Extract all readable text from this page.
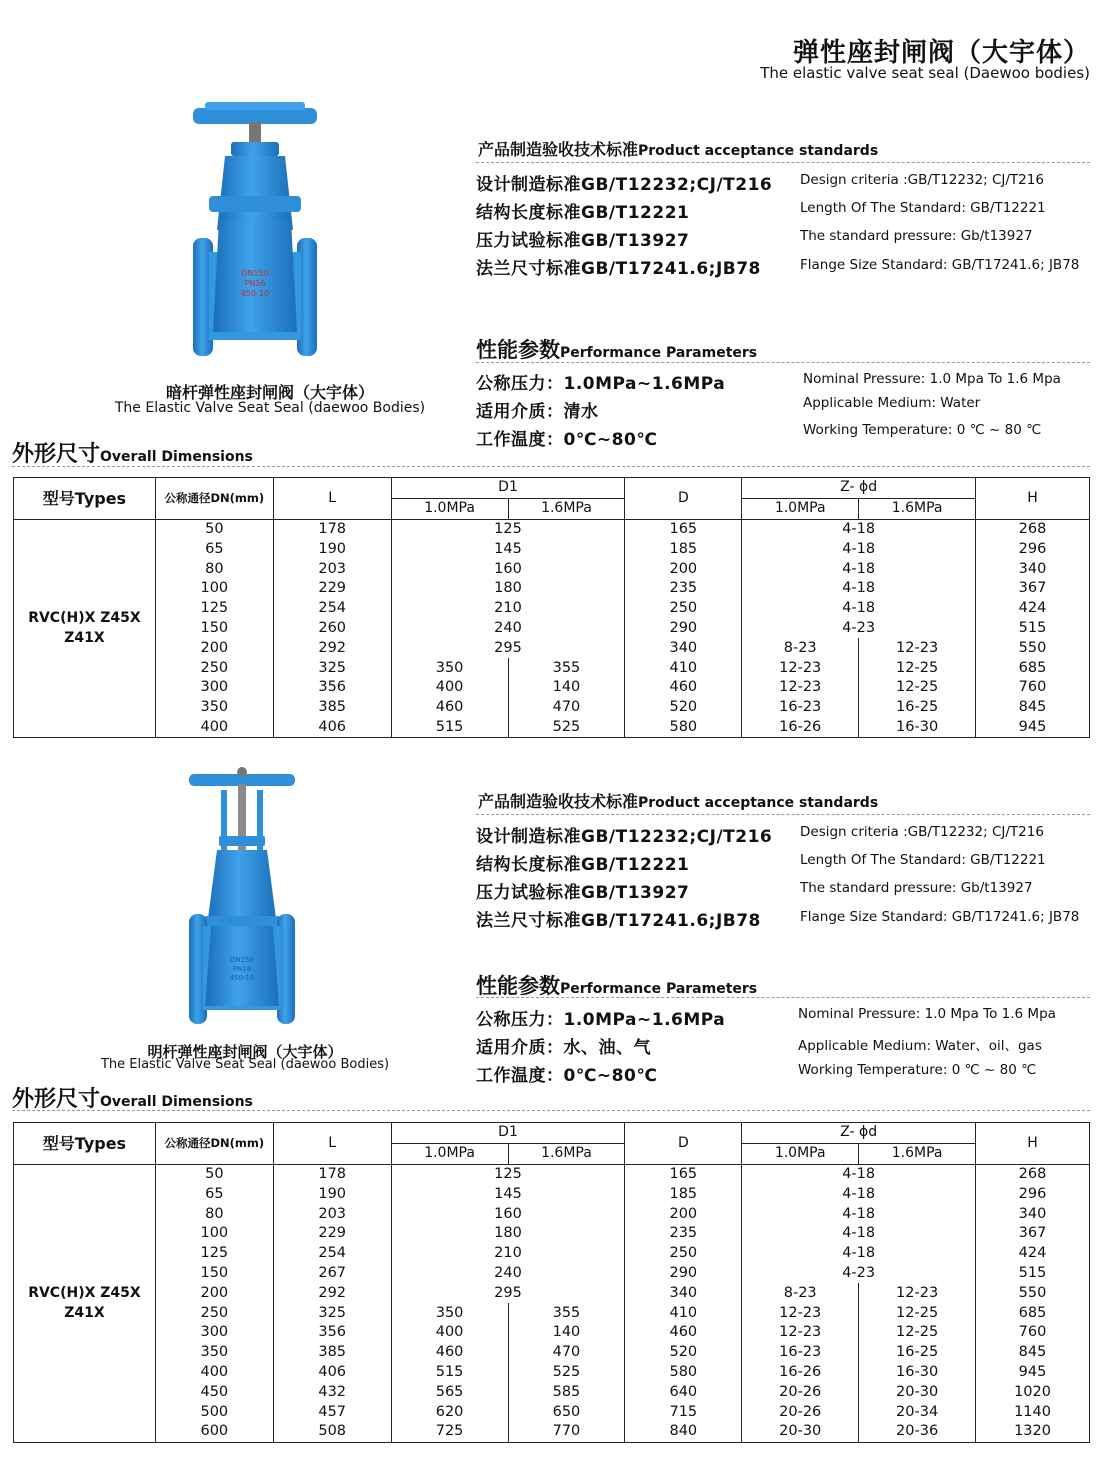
弹性座封闸阀（大宇体）
The elastic valve seat seal (Daewoo bodies)
DN150
PN16
450-10
暗杆弹性座封闸阀（大宇体）
The Elastic Valve Seat Seal (daewoo Bodies)
产品制造验收技术标准Product acceptance standards
设计制造标准GB/T12232;CJ/T216
结构长度标准GB/T12221
压力试验标准GB/T13927
法兰尺寸标准GB/T17241.6;JB78
Design criteria :GB/T12232; CJ/T216
Length Of The Standard: GB/T12221
The standard pressure: Gb/t13927
Flange Size Standard: GB/T17241.6; JB78
性能参数Performance Parameters
公称压力：1.0MPa~1.6MPa
适用介质：清水
工作温度：0℃~80℃
Nominal Pressure: 1.0 Mpa To 1.6 Mpa
Applicable Medium: Water
Working Temperature: 0 ℃ ~ 80 ℃
外形尺寸Overall Dimensions
型号Types	公称通径DN(mm)	L	D1		D	Z- ϕd		H
			1.0MPa	1.6MPa		1.0MPa	1.6MPa	

RVC(H)X Z45X
Z41X	50	178	125		165	4-18		268
	65	190	145		185	4-18		296
	80	203	160		200	4-18		340
	100	229	180		235	4-18		367
	125	254	210		250	4-18		424
	150	260	240		290	4-23		515
	200	292	295		340	8-23	12-23	550
	250	325	350	355	410	12-23	12-25	685
	300	356	400	140	460	12-23	12-25	760
	350	385	460	470	520	16-23	16-25	845
	400	406	515	525	580	16-26	16-30	945
DN150
PN16
450-10
明杆弹性座封闸阀（大宇体）
The Elastic Valve Seat Seal (daewoo Bodies)
产品制造验收技术标准Product acceptance standards
设计制造标准GB/T12232;CJ/T216
结构长度标准GB/T12221
压力试验标准GB/T13927
法兰尺寸标准GB/T17241.6;JB78
Design criteria :GB/T12232; CJ/T216
Length Of The Standard: GB/T12221
The standard pressure: Gb/t13927
Flange Size Standard: GB/T17241.6; JB78
性能参数Performance Parameters
公称压力：1.0MPa~1.6MPa
适用介质：水、油、气
工作温度：0℃~80℃
Nominal Pressure: 1.0 Mpa To 1.6 Mpa
Applicable Medium: Water、oil、gas
Working Temperature: 0 ℃ ~ 80 ℃
外形尺寸Overall Dimensions
型号Types	公称通径DN(mm)	L	D1		D	Z- ϕd		H
			1.0MPa	1.6MPa		1.0MPa	1.6MPa	

RVC(H)X Z45X
Z41X	50	178	125		165	4-18		268
	65	190	145		185	4-18		296
	80	203	160		200	4-18		340
	100	229	180		235	4-18		367
	125	254	210		250	4-18		424
	150	267	240		290	4-23		515
	200	292	295		340	8-23	12-23	550
	250	325	350	355	410	12-23	12-25	685
	300	356	400	140	460	12-23	12-25	760
	350	385	460	470	520	16-23	16-25	845
	400	406	515	525	580	16-26	16-30	945
	450	432	565	585	640	20-26	20-30	1020
	500	457	620	650	715	20-26	20-34	1140
	600	508	725	770	840	20-30	20-36	1320
